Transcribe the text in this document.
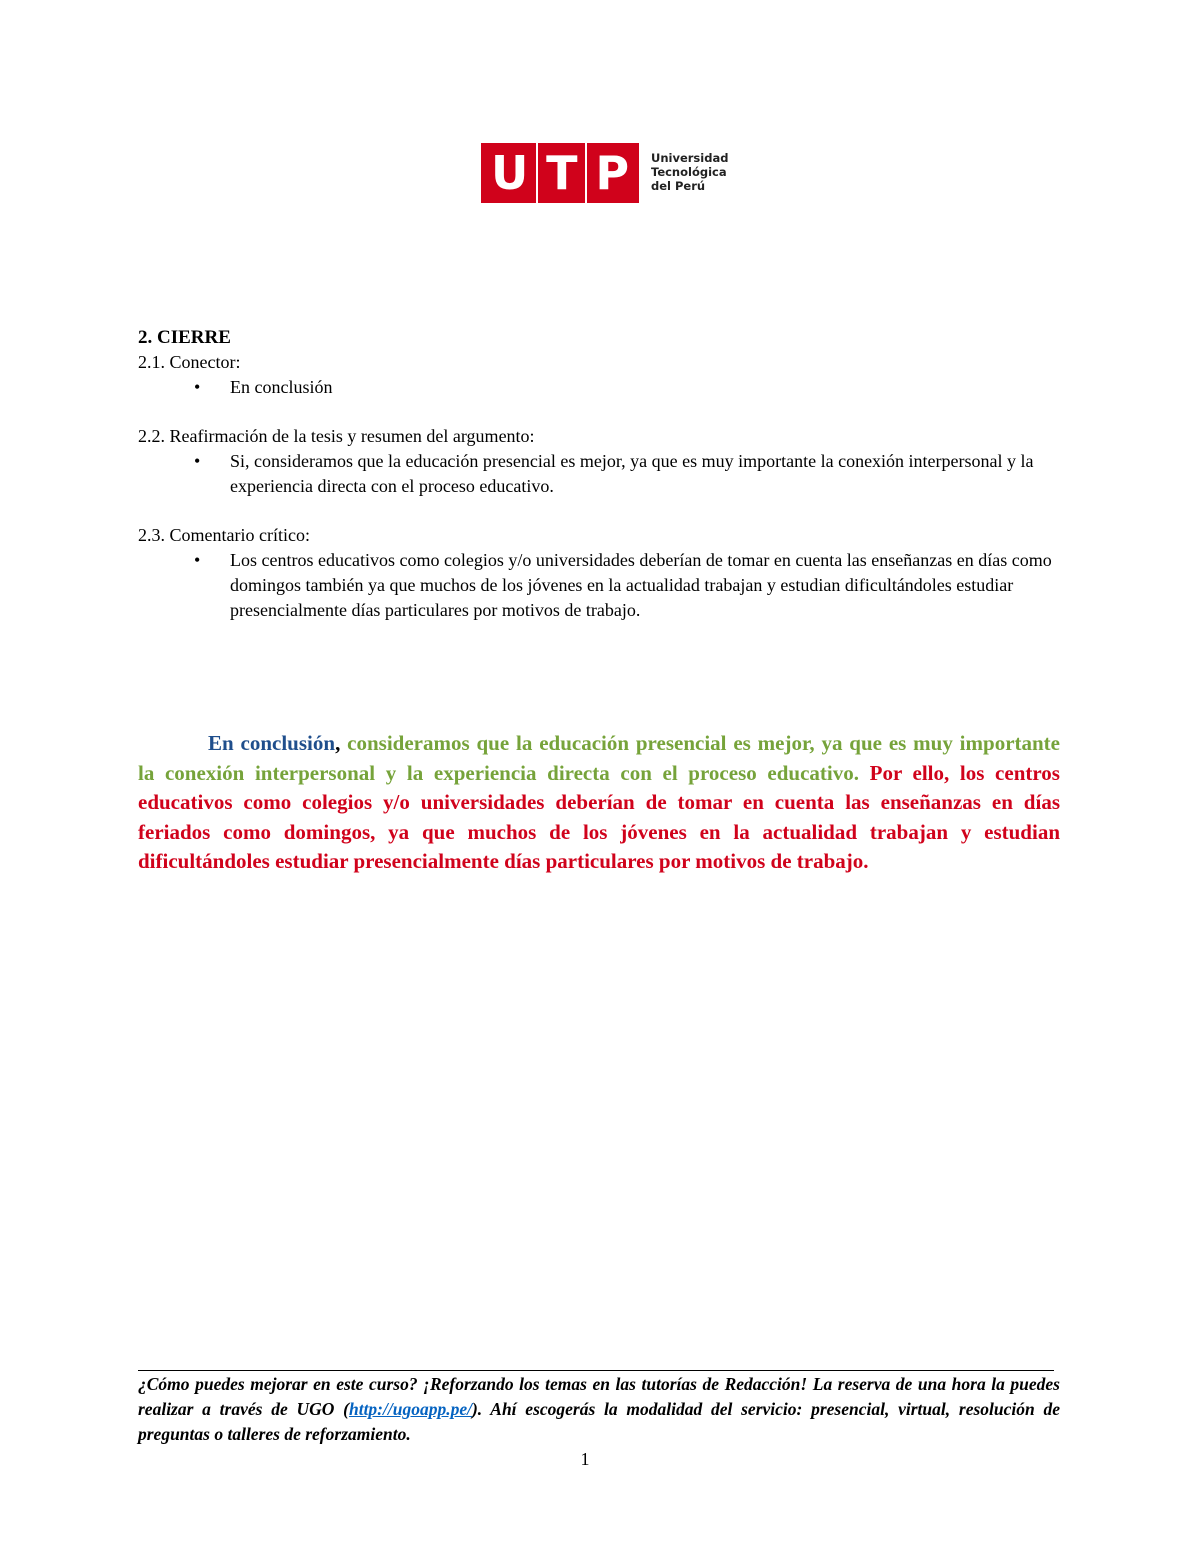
U T P Universidad
Tecnológica
del Perú
2. CIERRE
2.1. Conector:
• En conclusión
2.2. Reafirmación de la tesis y resumen del argumento:
• Si, consideramos que la educación presencial es mejor, ya que es muy importante la conexión interpersonal y la experiencia directa con el proceso educativo.
2.3. Comentario crítico:
• Los centros educativos como colegios y/o universidades deberían de tomar en cuenta las enseñanzas en días como domingos también ya que muchos de los jóvenes en la actualidad trabajan y estudian dificultándoles estudiar presencialmente días particulares por motivos de trabajo.

En conclusión, consideramos que la educación presencial es mejor, ya que es muy importante la conexión interpersonal y la experiencia directa con el proceso educativo. Por ello, los centros educativos como colegios y/o universidades deberían de tomar en cuenta las enseñanzas en días feriados como domingos, ya que muchos de los jóvenes en la actualidad trabajan y estudian dificultándoles estudiar presencialmente días particulares por motivos de trabajo.

¿Cómo puedes mejorar en este curso? ¡Reforzando los temas en las tutorías de Redacción! La reserva de una hora la puedes realizar a través de UGO (http://ugoapp.pe/). Ahí escogerás la modalidad del servicio: presencial, virtual, resolución de preguntas o talleres de reforzamiento.
1
